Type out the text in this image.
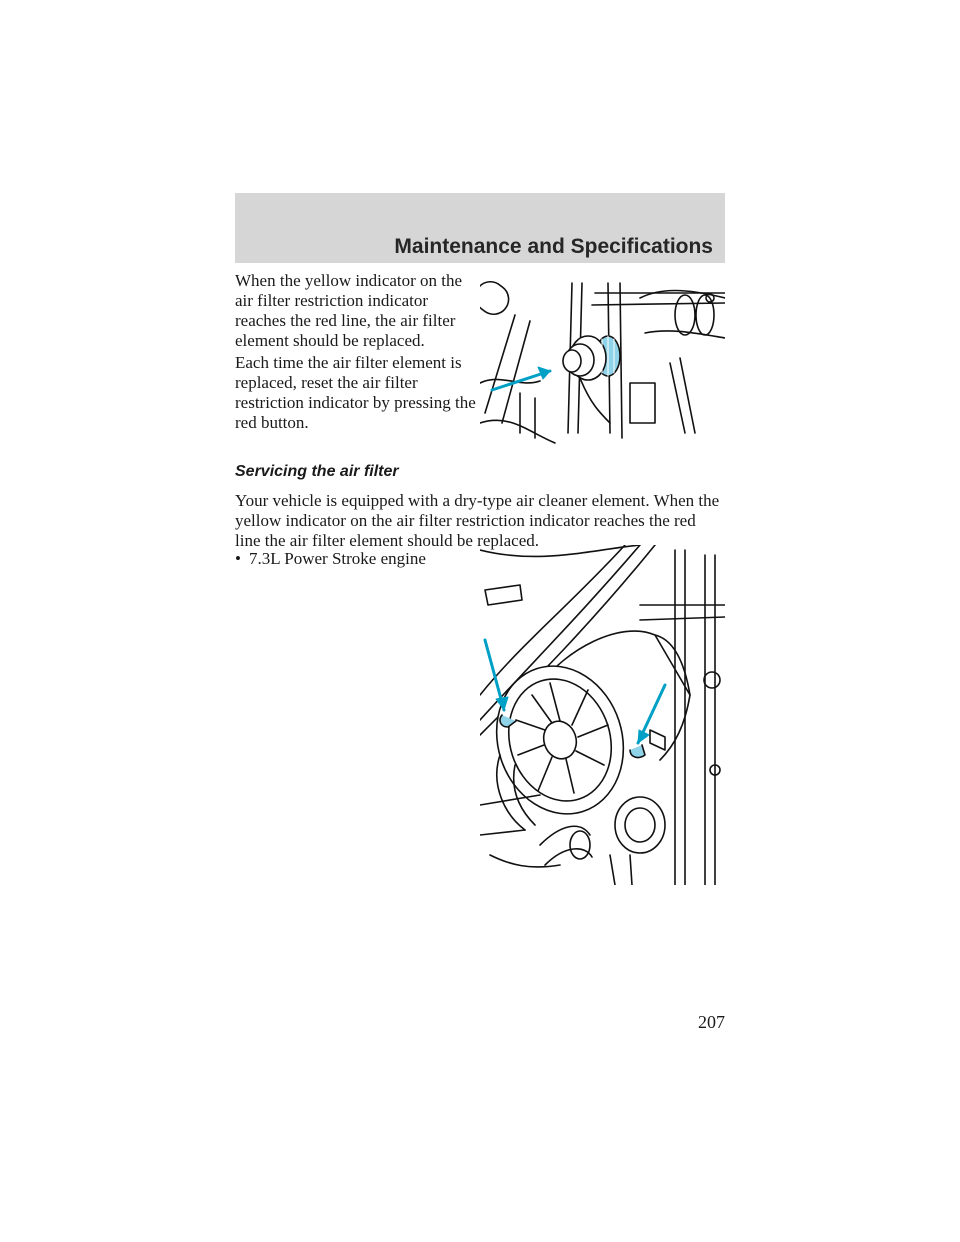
Maintenance and Specifications

When the yellow indicator on the air filter restriction indicator reaches the red line, the air filter element should be replaced.

Each time the air filter element is replaced, reset the air filter restriction indicator by pressing the red button.

Servicing the air filter

Your vehicle is equipped with a dry-type air cleaner element. When the yellow indicator on the air filter restriction indicator reaches the red line the air filter element should be replaced.

• 7.3L Power Stroke engine
207
